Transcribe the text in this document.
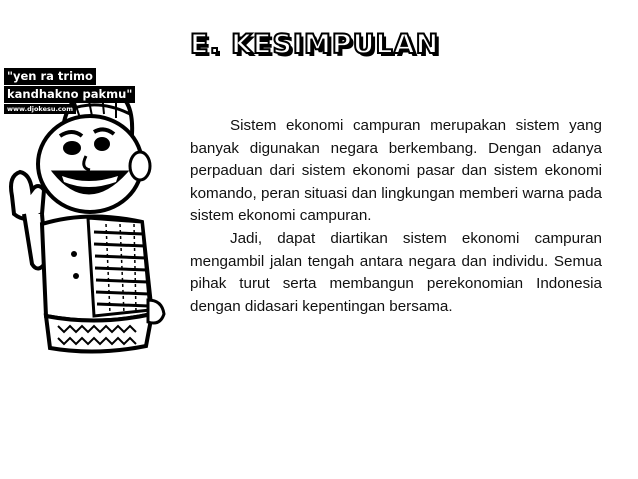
"yen ra trimo
kandhakno pakmu"
www.djokesu.com
E. KESIMPULAN

Sistem ekonomi campuran merupakan sistem yang banyak digunakan negara berkembang. Dengan adanya perpaduan dari sistem ekonomi pasar dan sistem ekonomi komando, peran situasi dan lingkungan memberi warna pada sistem ekonomi campuran.

Jadi, dapat diartikan sistem ekonomi campuran mengambil jalan tengah antara negara dan individu. Semua pihak turut serta membangun perekonomian Indonesia dengan didasari kepentingan bersama.
